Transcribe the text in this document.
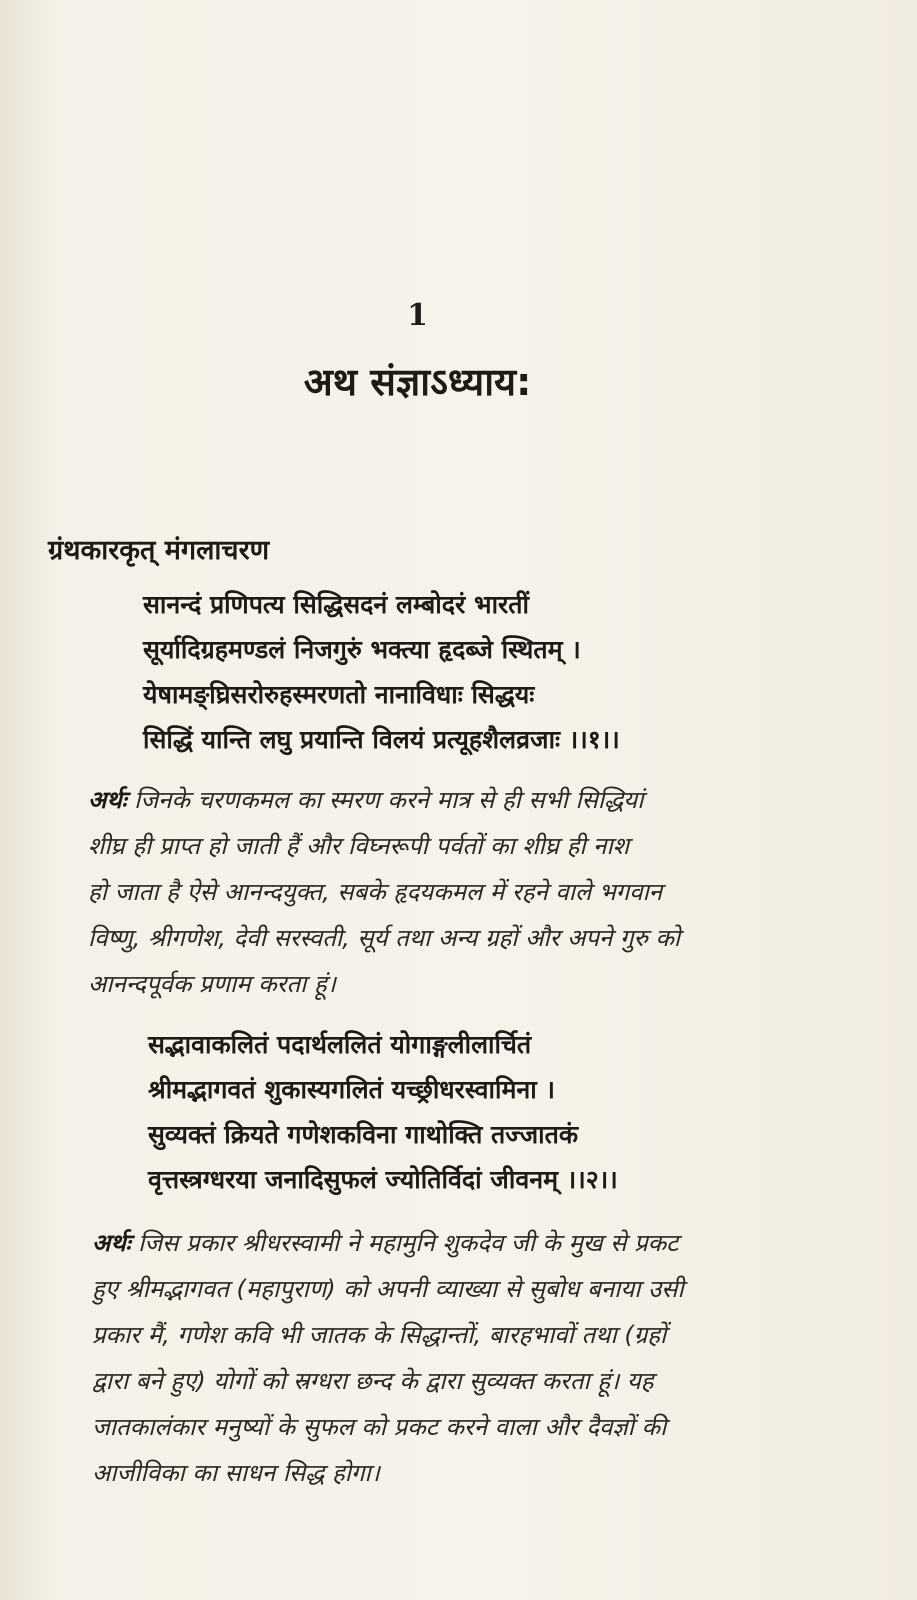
1
अथ संज्ञाऽध्याय:
ग्रंथकारकृत् मंगलाचरण
सानन्दं प्रणिपत्य सिद्धिसदनं लम्बोदरं भारतीं
सूर्यादिग्रहमण्डलं निजगुरुं भक्त्या हृदब्जे स्थितम् ।
येषामङ्घ्रिसरोरुहस्मरणतो नानाविधाः सिद्धयः
सिद्धिं यान्ति लघु प्रयान्ति विलयं प्रत्यूहशैलव्रजाः ।।१।।
अर्थः जिनके चरणकमल का स्मरण करने मात्र से ही सभी सिद्धियां
शीघ्र ही प्राप्त हो जाती हैं और विघ्नरूपी पर्वतों का शीघ्र ही नाश
हो जाता है ऐसे आनन्दयुक्त, सबके हृदयकमल में रहने वाले भगवान
विष्णु, श्रीगणेश, देवी सरस्वती, सूर्य तथा अन्य ग्रहों और अपने गुरु को
आनन्दपूर्वक प्रणाम करता हूं।
सद्भावाकलितं पदार्थललितं योगाङ्गलीलार्चितं
श्रीमद्भागवतं शुकास्यगलितं यच्छ्रीधरस्वामिना ।
सुव्यक्तं क्रियते गणेशकविना गाथोक्ति तज्जातकं
वृत्तस्त्रग्धरया जनादिसुफलं ज्योतिर्विदां जीवनम् ।।२।।
अर्थः जिस प्रकार श्रीधरस्वामी ने महामुनि शुकदेव जी के मुख से प्रकट
हुए श्रीमद्भागवत (महापुराण) को अपनी व्याख्या से सुबोध बनाया उसी
प्रकार मैं, गणेश कवि भी जातक के सिद्धान्तों, बारहभावों तथा (ग्रहों
द्वारा बने हुए) योगों को स्रग्धरा छन्द के द्वारा सुव्यक्त करता हूं। यह
जातकालंकार मनुष्यों के सुफल को प्रकट करने वाला और दैवज्ञों की
आजीविका का साधन सिद्ध होगा।
